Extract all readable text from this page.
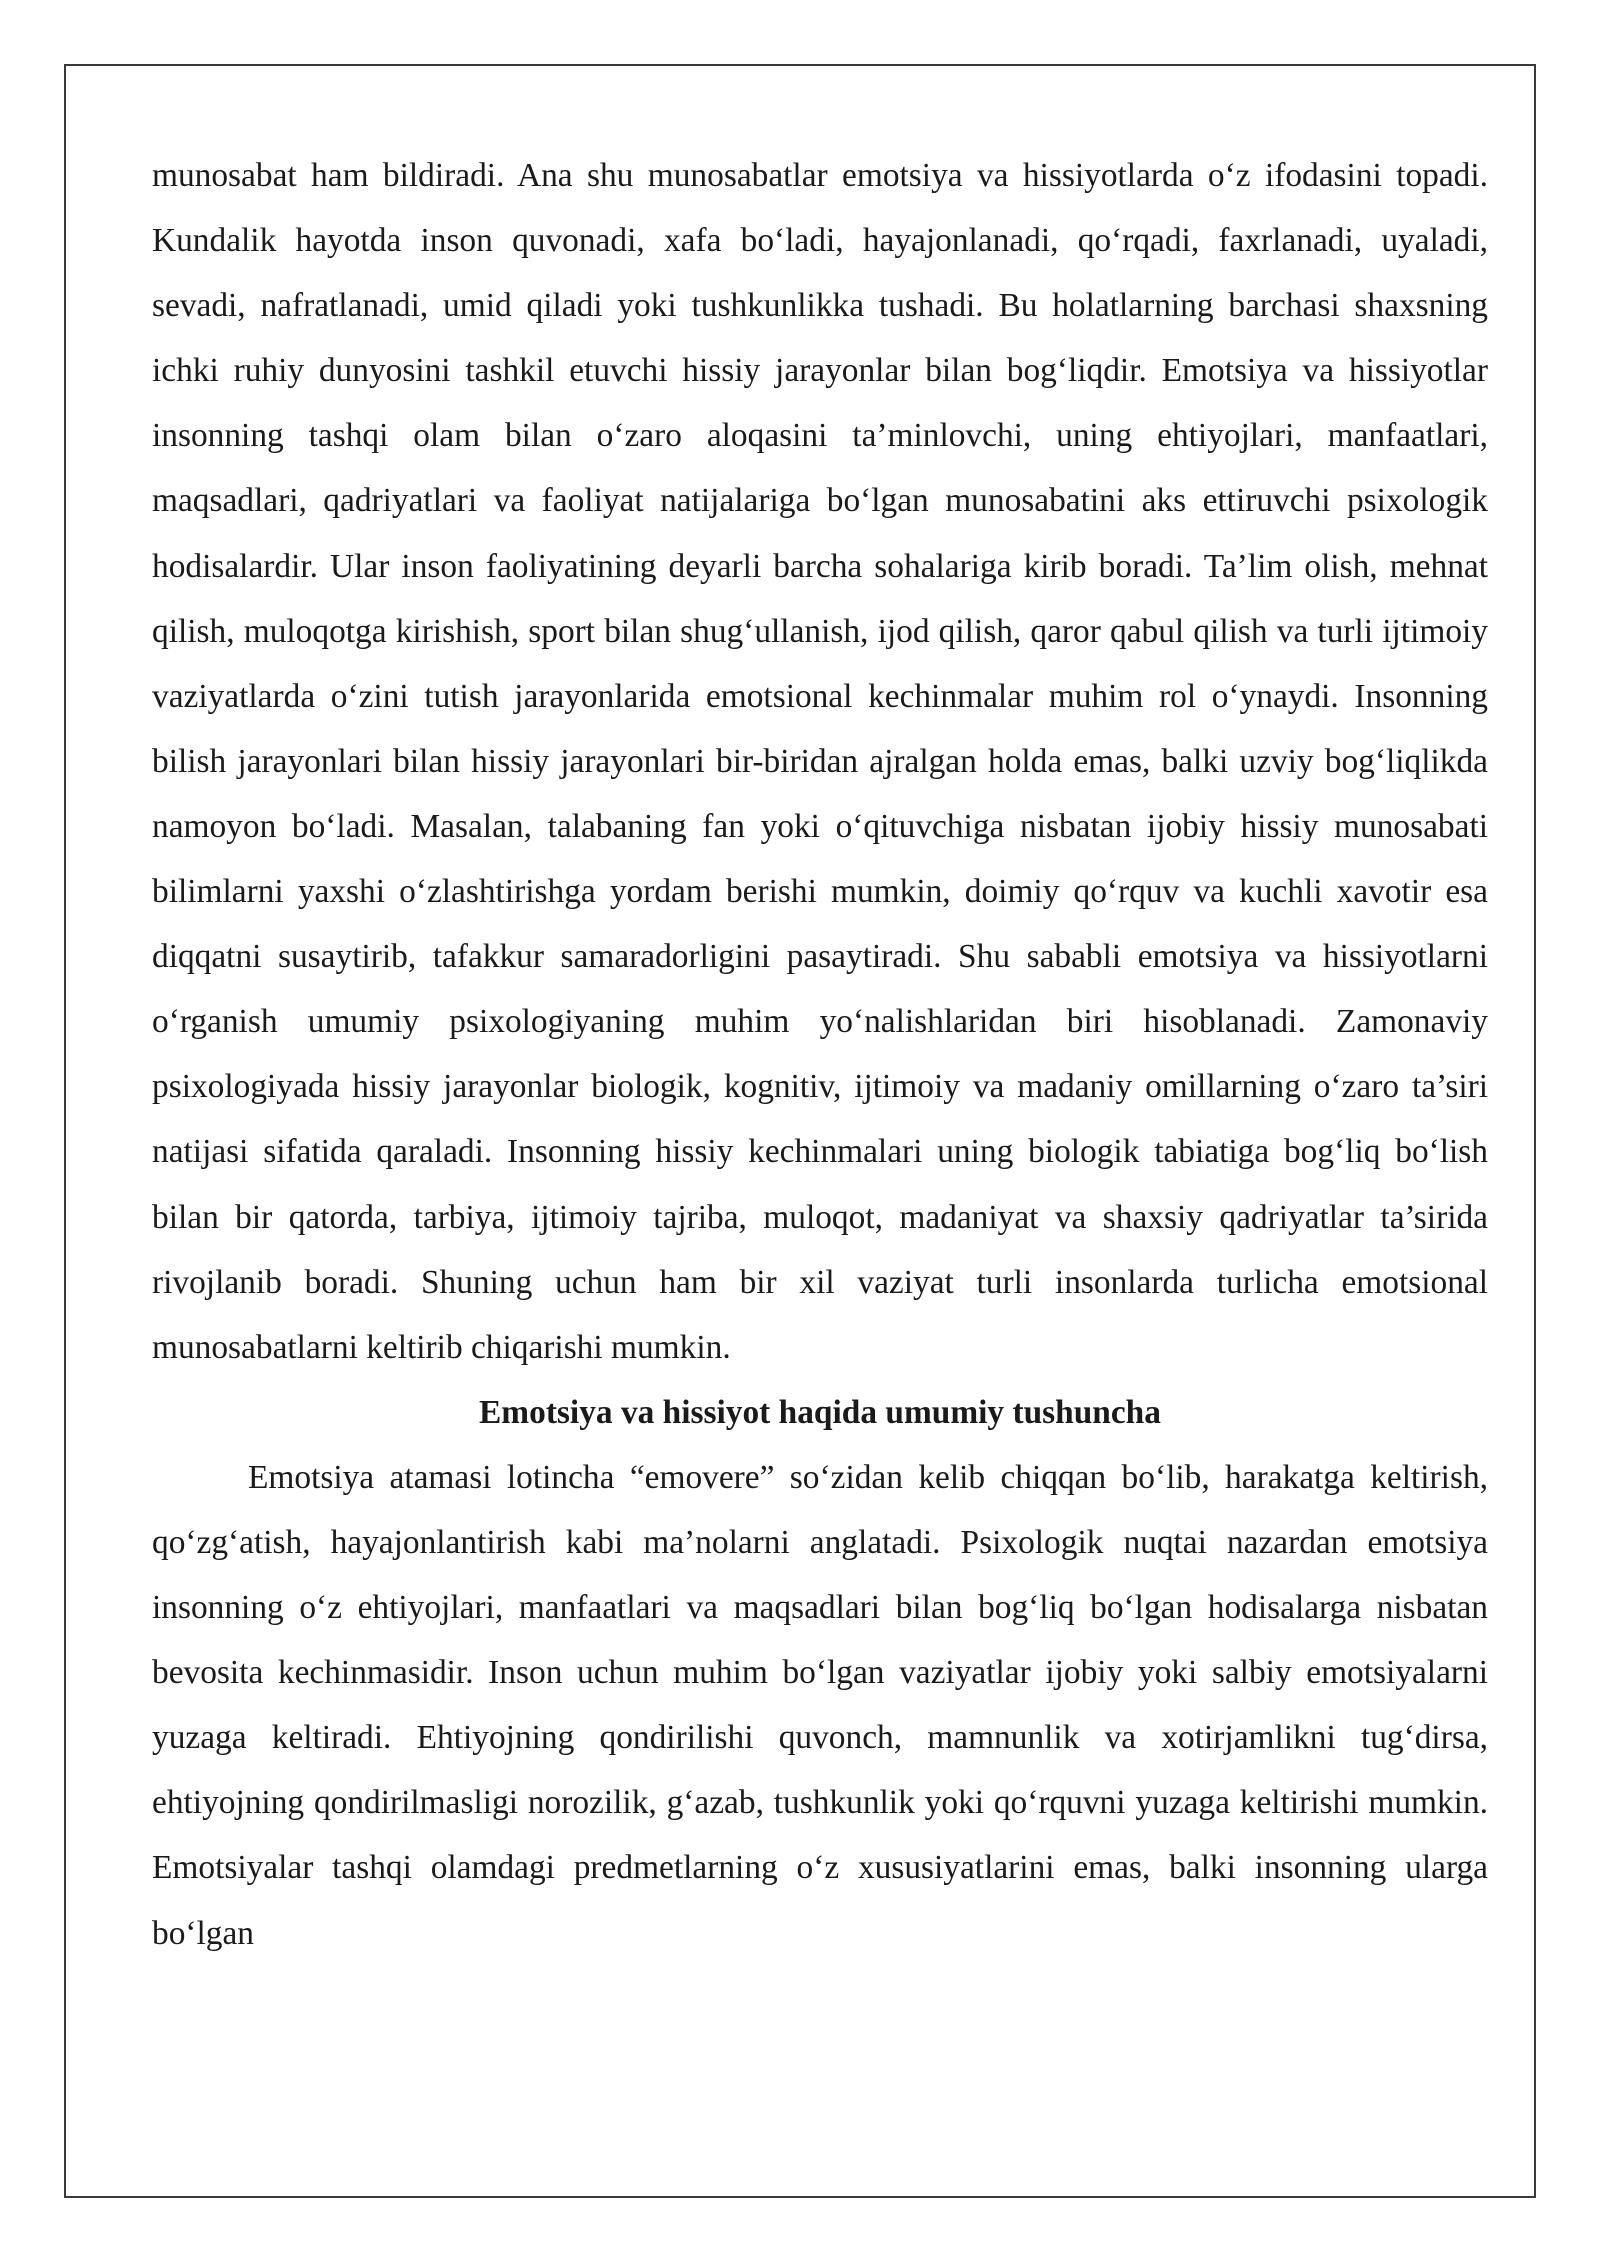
munosabat ham bildiradi. Ana shu munosabatlar emotsiya va hissiyotlarda o‘z ifodasini topadi. Kundalik hayotda inson quvonadi, xafa bo‘ladi, hayajonlanadi, qo‘rqadi, faxrlanadi, uyaladi, sevadi, nafratlanadi, umid qiladi yoki tushkunlikka tushadi. Bu holatlarning barchasi shaxsning ichki ruhiy dunyosini tashkil etuvchi hissiy jarayonlar bilan bog‘liqdir. Emotsiya va hissiyotlar insonning tashqi olam bilan o‘zaro aloqasini ta’minlovchi, uning ehtiyojlari, manfaatlari, maqsadlari, qadriyatlari va faoliyat natijalariga bo‘lgan munosabatini aks ettiruvchi psixologik hodisalardir. Ular inson faoliyatining deyarli barcha sohalariga kirib boradi. Ta’lim olish, mehnat qilish, muloqotga kirishish, sport bilan shug‘ullanish, ijod qilish, qaror qabul qilish va turli ijtimoiy vaziyatlarda o‘zini tutish jarayonlarida emotsional kechinmalar muhim rol o‘ynaydi. Insonning bilish jarayonlari bilan hissiy jarayonlari bir-biridan ajralgan holda emas, balki uzviy bog‘liqlikda namoyon bo‘ladi. Masalan, talabaning fan yoki o‘qituvchiga nisbatan ijobiy hissiy munosabati bilimlarni yaxshi o‘zlashtirishga yordam berishi mumkin, doimiy qo‘rquv va kuchli xavotir esa diqqatni susaytirib, tafakkur samaradorligini pasaytiradi. Shu sababli emotsiya va hissiyotlarni o‘rganish umumiy psixologiyaning muhim yo‘nalishlaridan biri hisoblanadi. Zamonaviy psixologiyada hissiy jarayonlar biologik, kognitiv, ijtimoiy va madaniy omillarning o‘zaro ta’siri natijasi sifatida qaraladi. Insonning hissiy kechinmalari uning biologik tabiatiga bog‘liq bo‘lish bilan bir qatorda, tarbiya, ijtimoiy tajriba, muloqot, madaniyat va shaxsiy qadriyatlar ta’sirida rivojlanib boradi. Shuning uchun ham bir xil vaziyat turli insonlarda turlicha emotsional munosabatlarni keltirib chiqarishi mumkin.

Emotsiya va hissiyot haqida umumiy tushuncha

Emotsiya atamasi lotincha “emovere” so‘zidan kelib chiqqan bo‘lib, harakatga keltirish, qo‘zg‘atish, hayajonlantirish kabi ma’nolarni anglatadi. Psixologik nuqtai nazardan emotsiya insonning o‘z ehtiyojlari, manfaatlari va maqsadlari bilan bog‘liq bo‘lgan hodisalarga nisbatan bevosita kechinmasidir. Inson uchun muhim bo‘lgan vaziyatlar ijobiy yoki salbiy emotsiyalarni yuzaga keltiradi. Ehtiyojning qondirilishi quvonch, mamnunlik va xotirjamlikni tug‘dirsa, ehtiyojning qondirilmasligi norozilik, g‘azab, tushkunlik yoki qo‘rquvni yuzaga keltirishi mumkin. Emotsiyalar tashqi olamdagi predmetlarning o‘z xususiyatlarini emas, balki insonning ularga bo‘lgan
